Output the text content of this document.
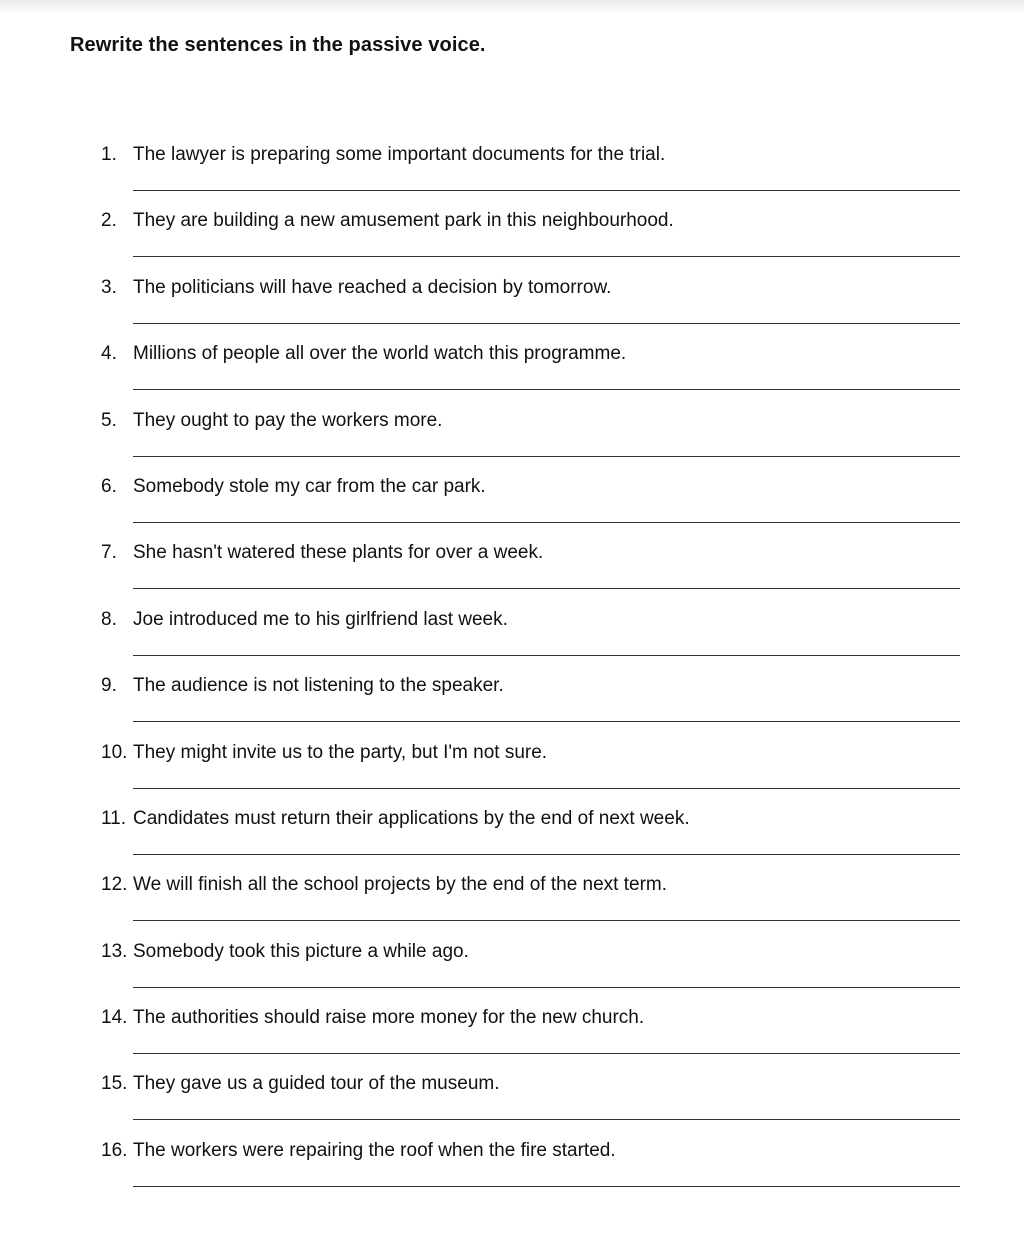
Rewrite the sentences in the passive voice.
1. The lawyer is preparing some important documents for the trial.
2. They are building a new amusement park in this neighbourhood.
3. The politicians will have reached a decision by tomorrow.
4. Millions of people all over the world watch this programme.
5. They ought to pay the workers more.
6. Somebody stole my car from the car park.
7. She hasn't watered these plants for over a week.
8. Joe introduced me to his girlfriend last week.
9. The audience is not listening to the speaker.
10. They might invite us to the party, but I'm not sure.
11. Candidates must return their applications by the end of next week.
12. We will finish all the school projects by the end of the next term.
13. Somebody took this picture a while ago.
14. The authorities should raise more money for the new church.
15. They gave us a guided tour of the museum.
16. The workers were repairing the roof when the fire started.
